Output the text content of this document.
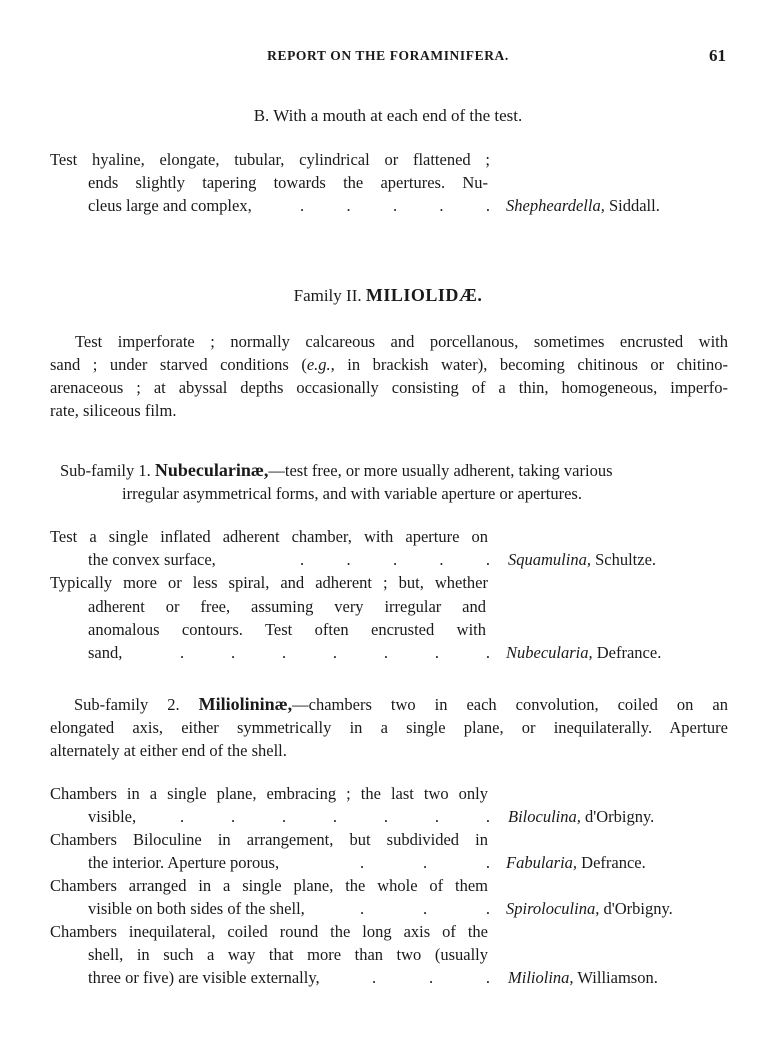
REPORT ON THE FORAMINIFERA.	61
B. With a mouth at each end of the test.
Test hyaline, elongate, tubular, cylindrical or flattened ;
ends slightly tapering towards the apertures. Nu-
cleus large and complex,	.	.	.	.	. Shepheardella, Siddall.
Family II. MILIOLIDÆ.
Test imperforate ; normally calcareous and porcellanous, sometimes encrusted with
sand ; under starved conditions (e.g., in brackish water), becoming chitinous or chitino-
arenaceous ; at abyssal depths occasionally consisting of a thin, homogeneous, imperfo-
rate, siliceous film.
Sub-family 1. Nubecularinæ,—test free, or more usually adherent, taking various
irregular asymmetrical forms, and with variable aperture or apertures.
Test a single inflated adherent chamber, with aperture on
the convex surface,	.	.	.	.	. Squamulina, Schultze.
Typically more or less spiral, and adherent ; but, whether
adherent or free, assuming very irregular and
anomalous contours. Test often encrusted with
sand,	.	.	.	.	.	.	. Nubecularia, Defrance.
Sub-family 2. Miliolininæ,—chambers two in each convolution, coiled on an
elongated axis, either symmetrically in a single plane, or inequilaterally. Aperture
alternately at either end of the shell.
Chambers in a single plane, embracing ; the last two only
visible,	.	.	.	.	.	.	. Biloculina, d'Orbigny.
Chambers Biloculine in arrangement, but subdivided in
the interior. Aperture porous,	.	.	. Fabularia, Defrance.
Chambers arranged in a single plane, the whole of them
visible on both sides of the shell,	.	.	. Spiroloculina, d'Orbigny.
Chambers inequilateral, coiled round the long axis of the
shell, in such a way that more than two (usually
three or five) are visible externally,	.	.	. Miliolina, Williamson.
